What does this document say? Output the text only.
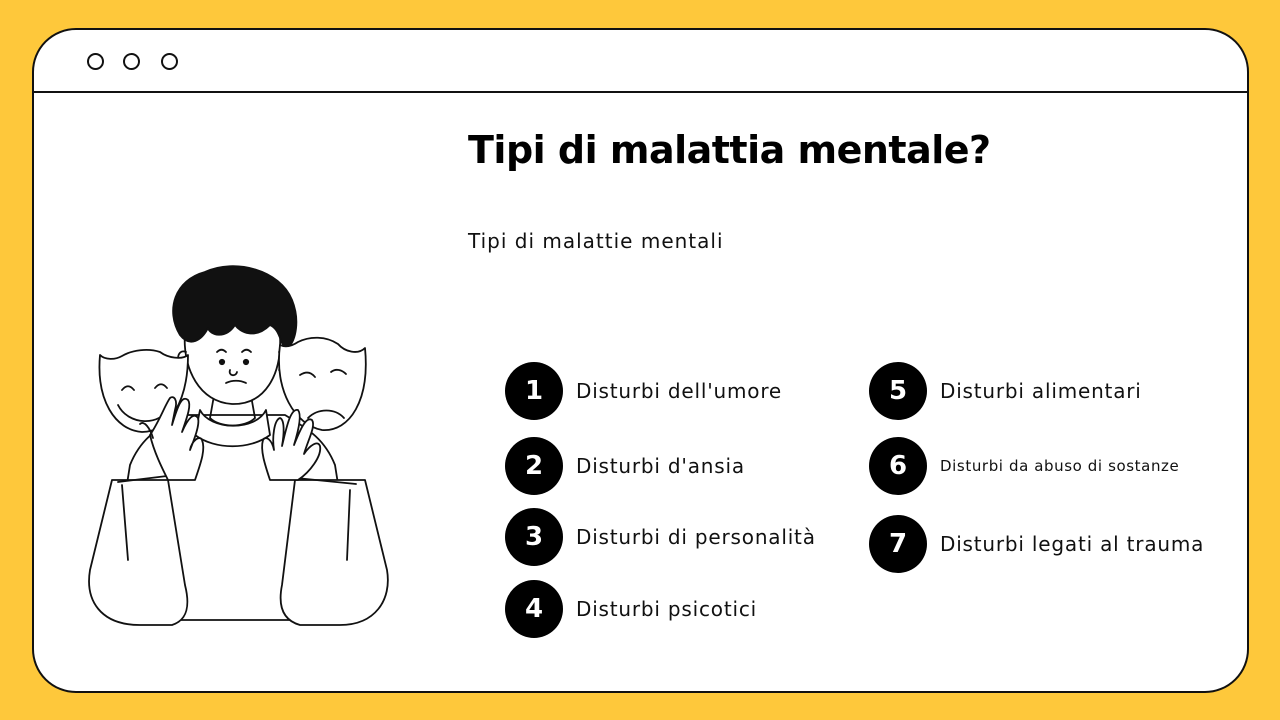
Tipi di malattia mentale?

Tipi di malattie mentali

1	Disturbi dell'umore
2	Disturbi d'ansia
3	Disturbi di personalità
4	Disturbi psicotici
5	Disturbi alimentari
6	Disturbi da abuso di sostanze
7	Disturbi legati al trauma
